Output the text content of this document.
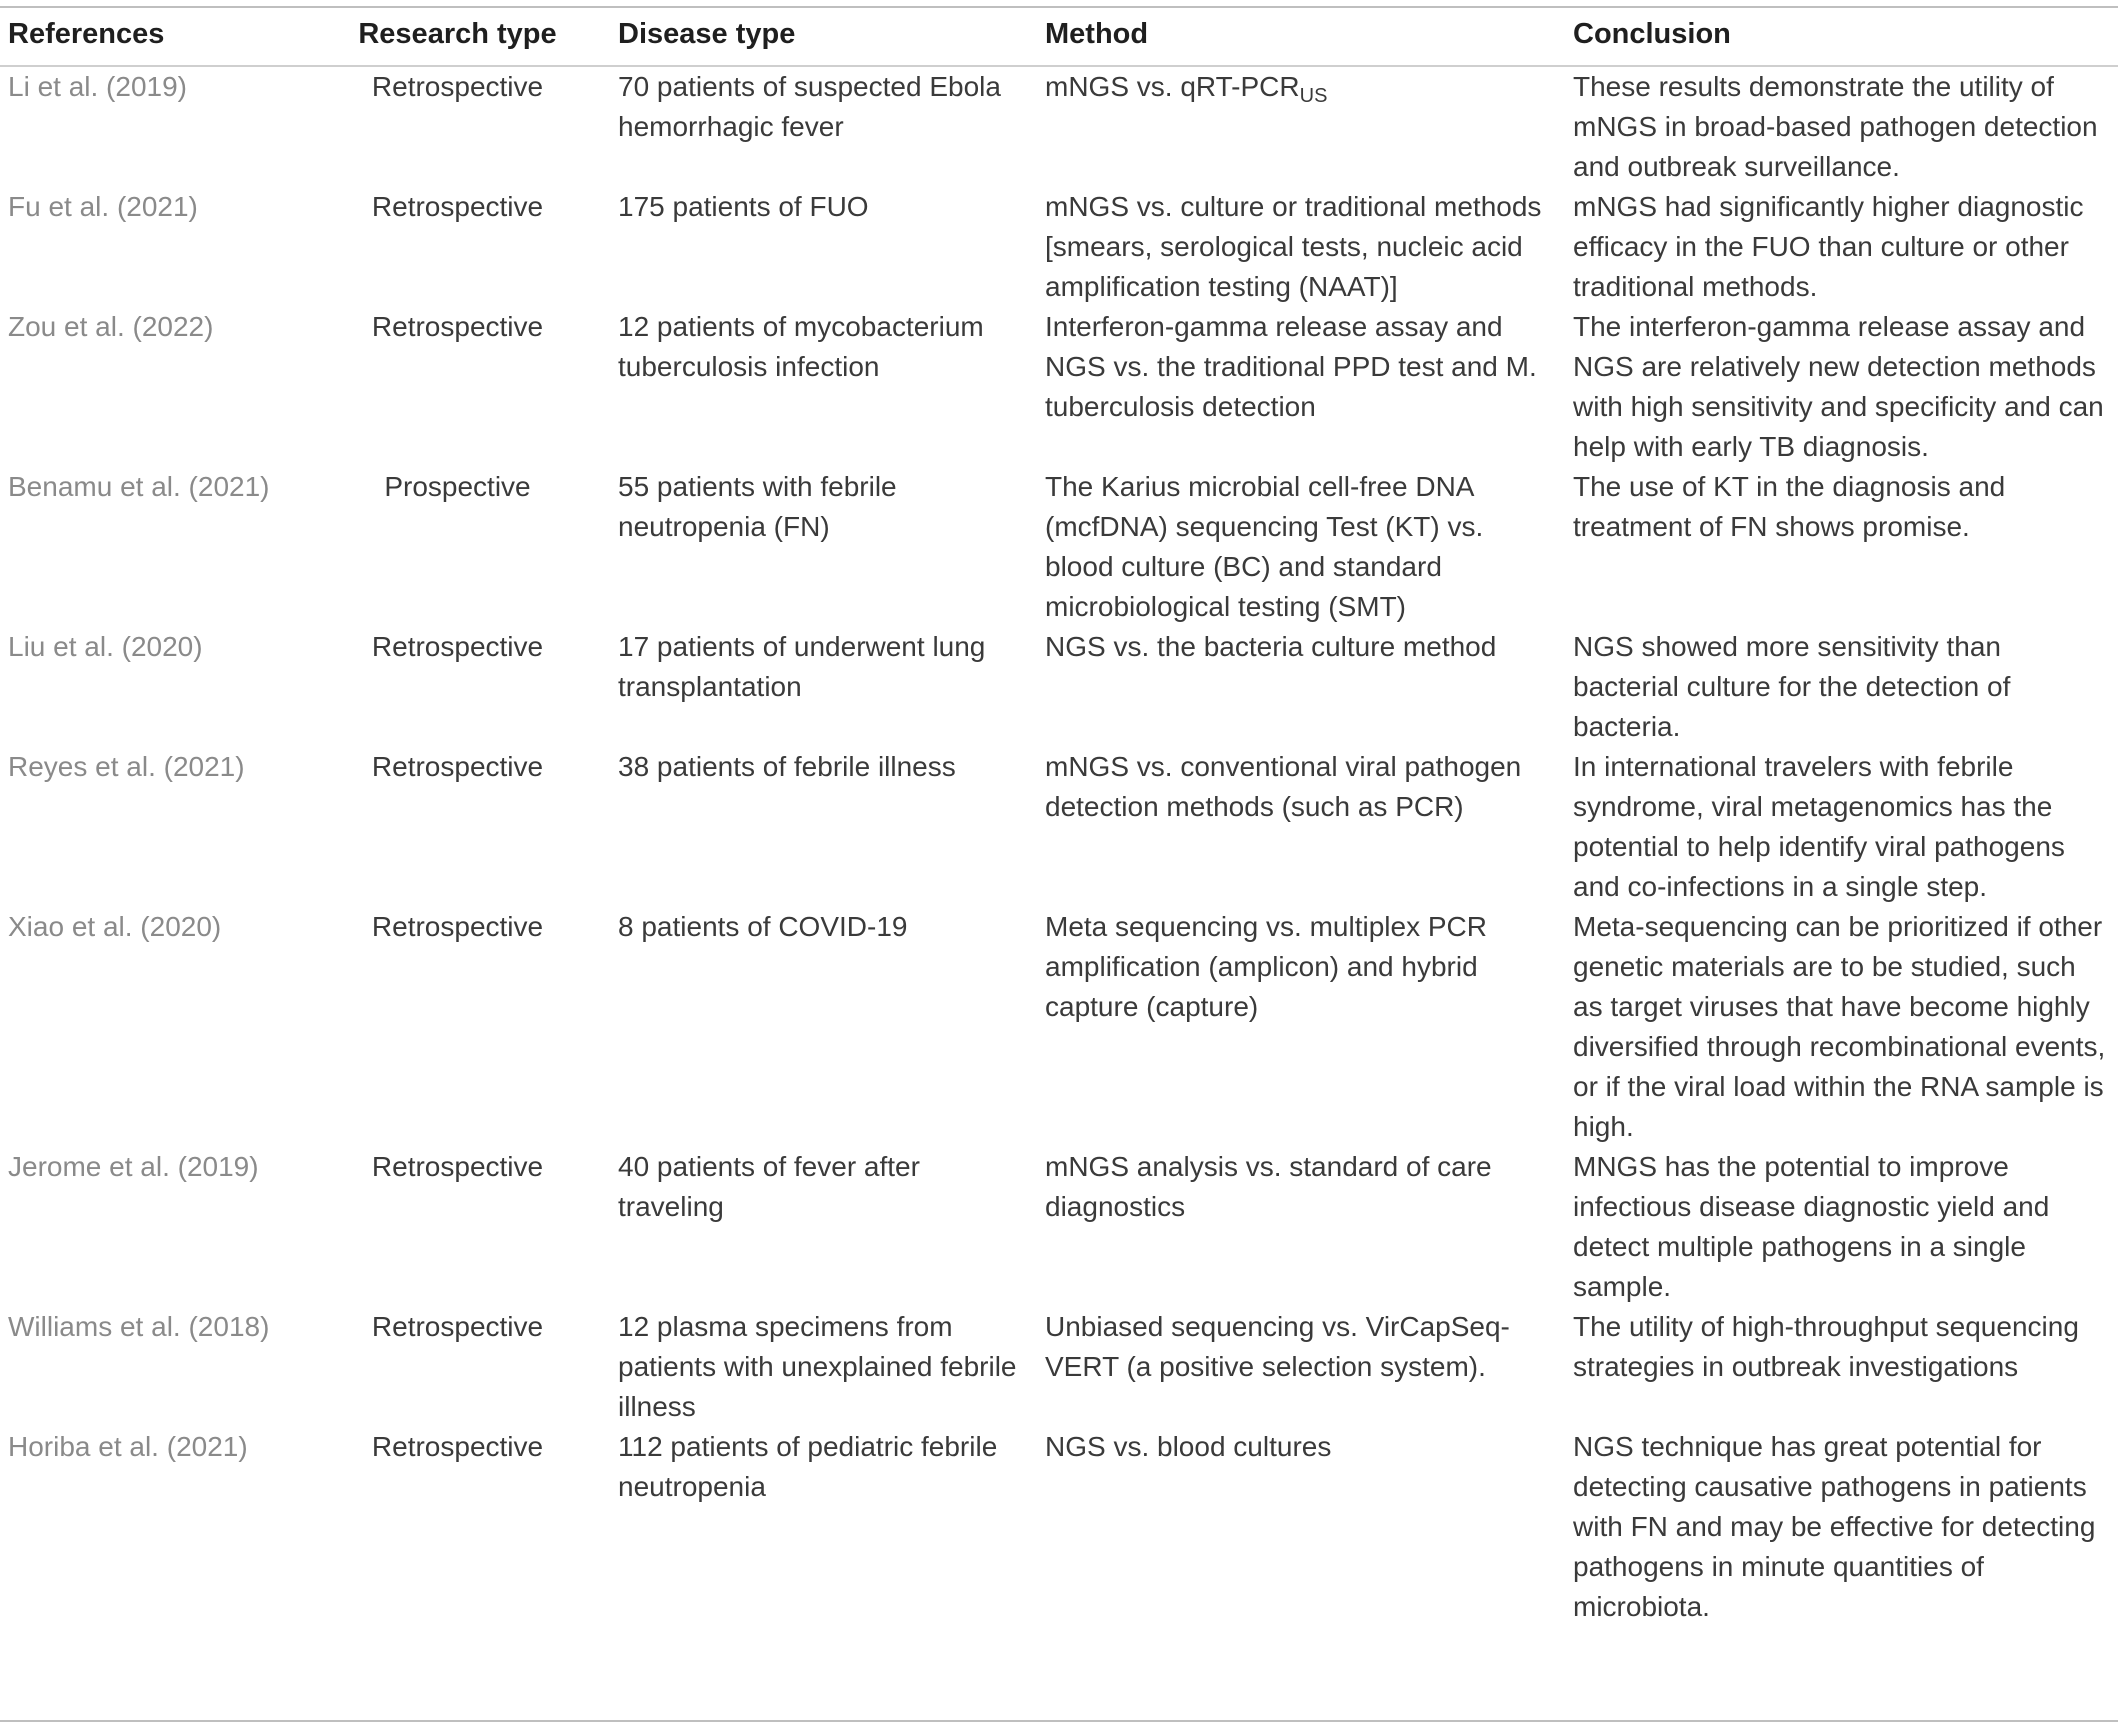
References	Research type	Disease type	Method	Conclusion
Li et al. (2019)	Retrospective	70 patients of suspected Ebola hemorrhagic fever	mNGS vs. qRT-$PCR_{US}$	These results demonstrate the utility of mNGS in broad-based pathogen detection and outbreak surveillance.
Fu et al. (2021)	Retrospective	175 patients of FUO	mNGS vs. culture or traditional methods [smears, serological tests, nucleic acid amplification testing (NAAT)]	mNGS had significantly higher diagnostic efficacy in the FUO than culture or other traditional methods.
Zou et al. (2022)	Retrospective	12 patients of mycobacterium tuberculosis infection	Interferon-gamma release assay and NGS vs. the traditional PPD test and M. tuberculosis detection	The interferon-gamma release assay and NGS are relatively new detection methods with high sensitivity and specificity and can help with early TB diagnosis.
Benamu et al. (2021)	Prospective	55 patients with febrile neutropenia (FN)	The Karius microbial cell-free DNA (mcfDNA) sequencing Test (KT) vs. blood culture (BC) and standard microbiological testing (SMT)	The use of KT in the diagnosis and treatment of FN shows promise.
Liu et al. (2020)	Retrospective	17 patients of underwent lung transplantation	NGS vs. the bacteria culture method	NGS showed more sensitivity than bacterial culture for the detection of bacteria.
Reyes et al. (2021)	Retrospective	38 patients of febrile illness	mNGS vs. conventional viral pathogen detection methods (such as PCR)	In international travelers with febrile syndrome, viral metagenomics has the potential to help identify viral pathogens and co-infections in a single step.
Xiao et al. (2020)	Retrospective	8 patients of COVID-19	Meta sequencing vs. multiplex PCR amplification (amplicon) and hybrid capture (capture)	Meta-sequencing can be prioritized if other genetic materials are to be studied, such as target viruses that have become highly diversified through recombinational events, or if the viral load within the RNA sample is high.
Jerome et al. (2019)	Retrospective	40 patients of fever after traveling	mNGS analysis vs. standard of care diagnostics	MNGS has the potential to improve infectious disease diagnostic yield and detect multiple pathogens in a single sample.
Williams et al. (2018)	Retrospective	12 plasma specimens from patients with unexplained febrile illness	Unbiased sequencing vs. VirCapSeq-VERT (a positive selection system).	The utility of high-throughput sequencing strategies in outbreak investigations
Horiba et al. (2021)	Retrospective	112 patients of pediatric febrile neutropenia	NGS vs. blood cultures	NGS technique has great potential for detecting causative pathogens in patients with FN and may be effective for detecting pathogens in minute quantities of microbiota.
